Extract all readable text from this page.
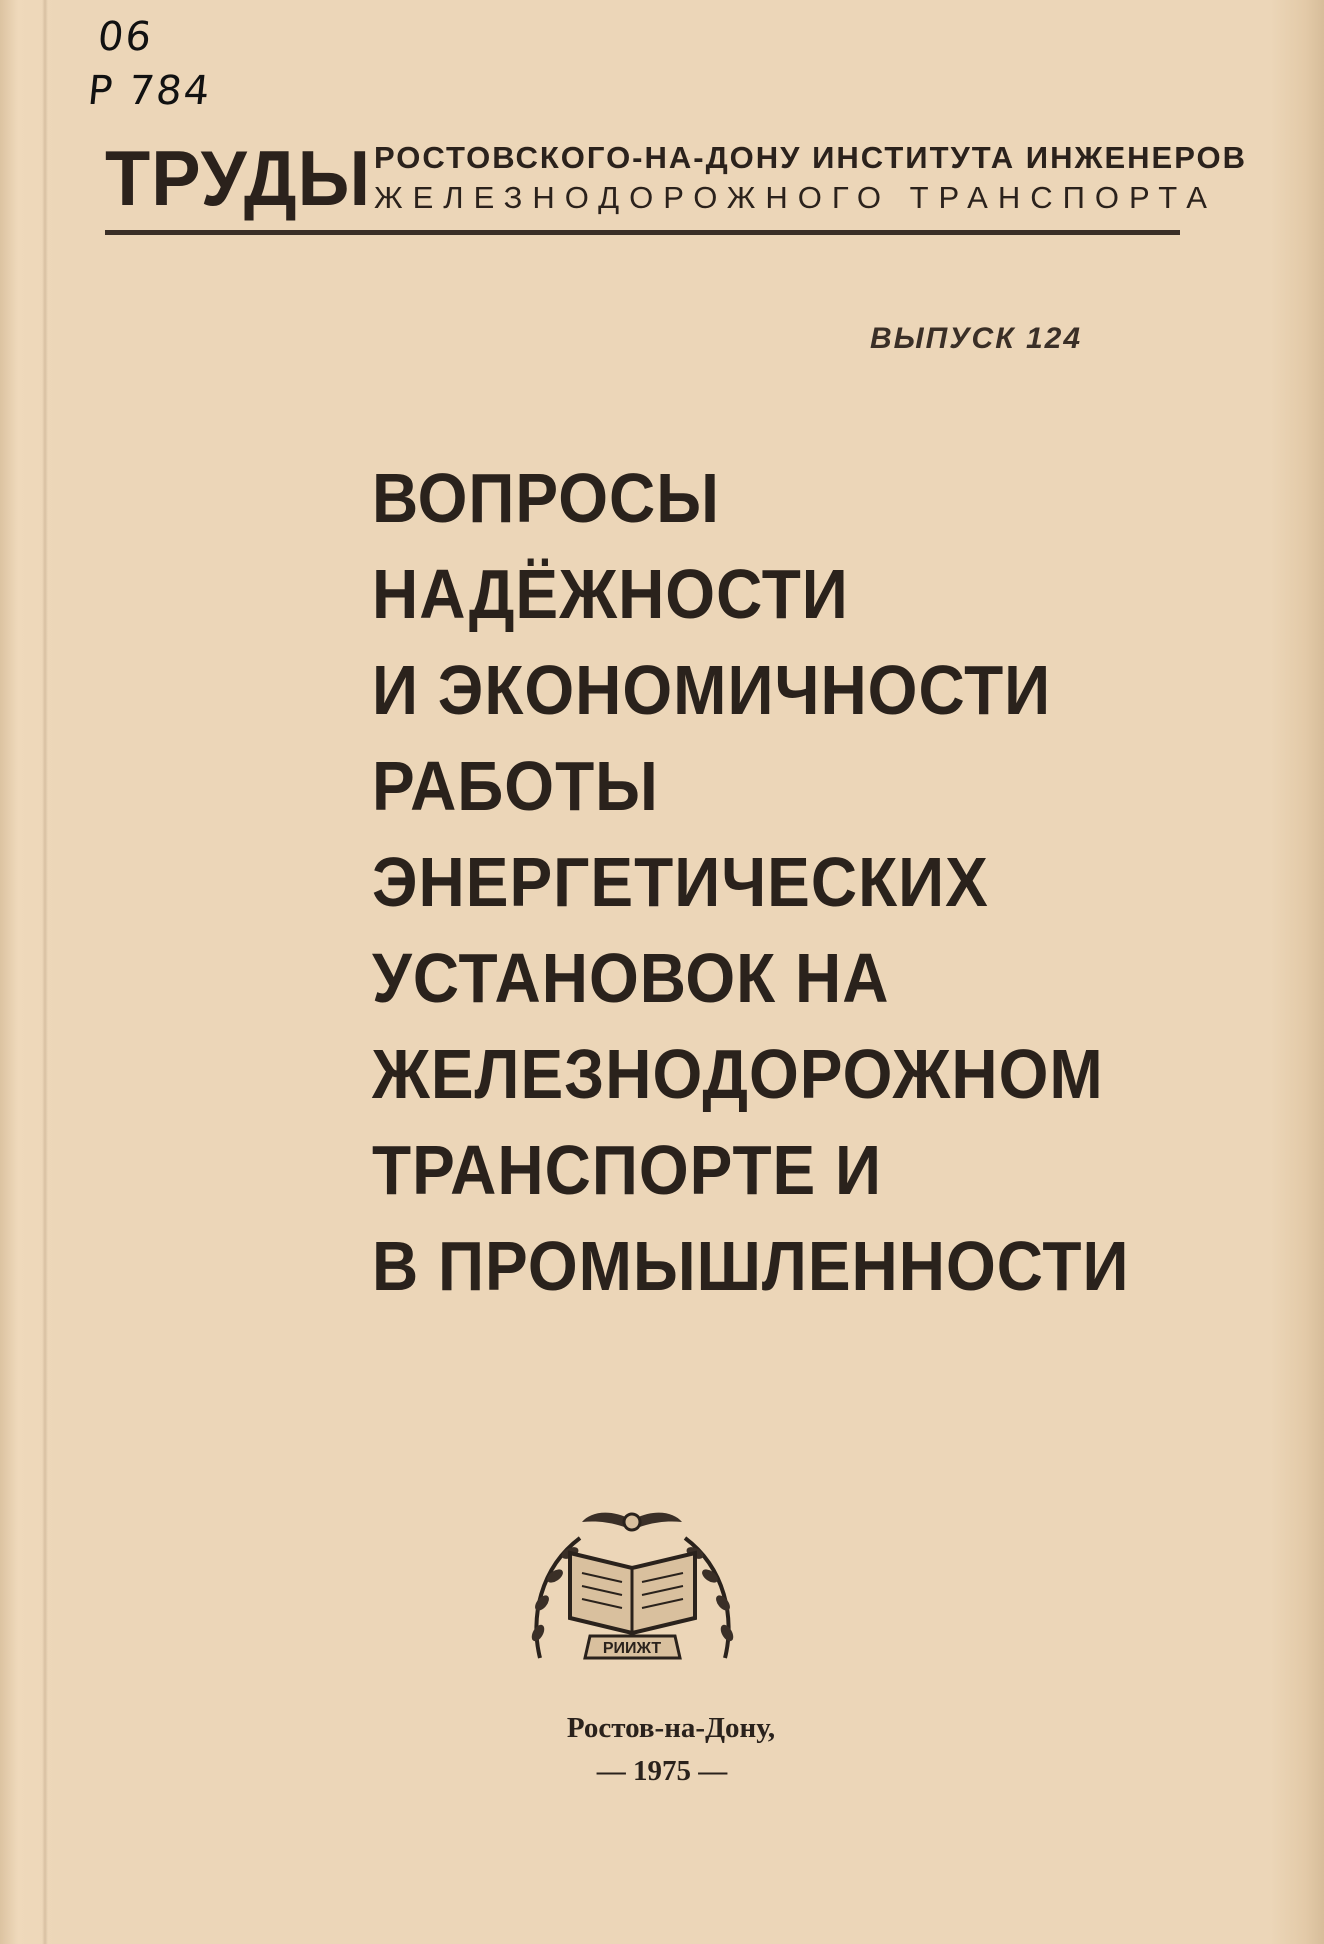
06
Р 784
ТРУДЫ РОСТОВСКОГО-НА-ДОНУ ИНСТИТУТА ИНЖЕНЕРОВ
ЖЕЛЕЗНОДОРОЖНОГО ТРАНСПОРТА
ВЫПУСК 124
ВОПРОСЫ
НАДЁЖНОСТИ
И ЭКОНОМИЧНОСТИ
РАБОТЫ
ЭНЕРГЕТИЧЕСКИХ
УСТАНОВОК НА
ЖЕЛЕЗНОДОРОЖНОМ
ТРАНСПОРТЕ И
В ПРОМЫШЛЕННОСТИ
РИИЖТ
Ростов-на-Дону,
— 1975 —
